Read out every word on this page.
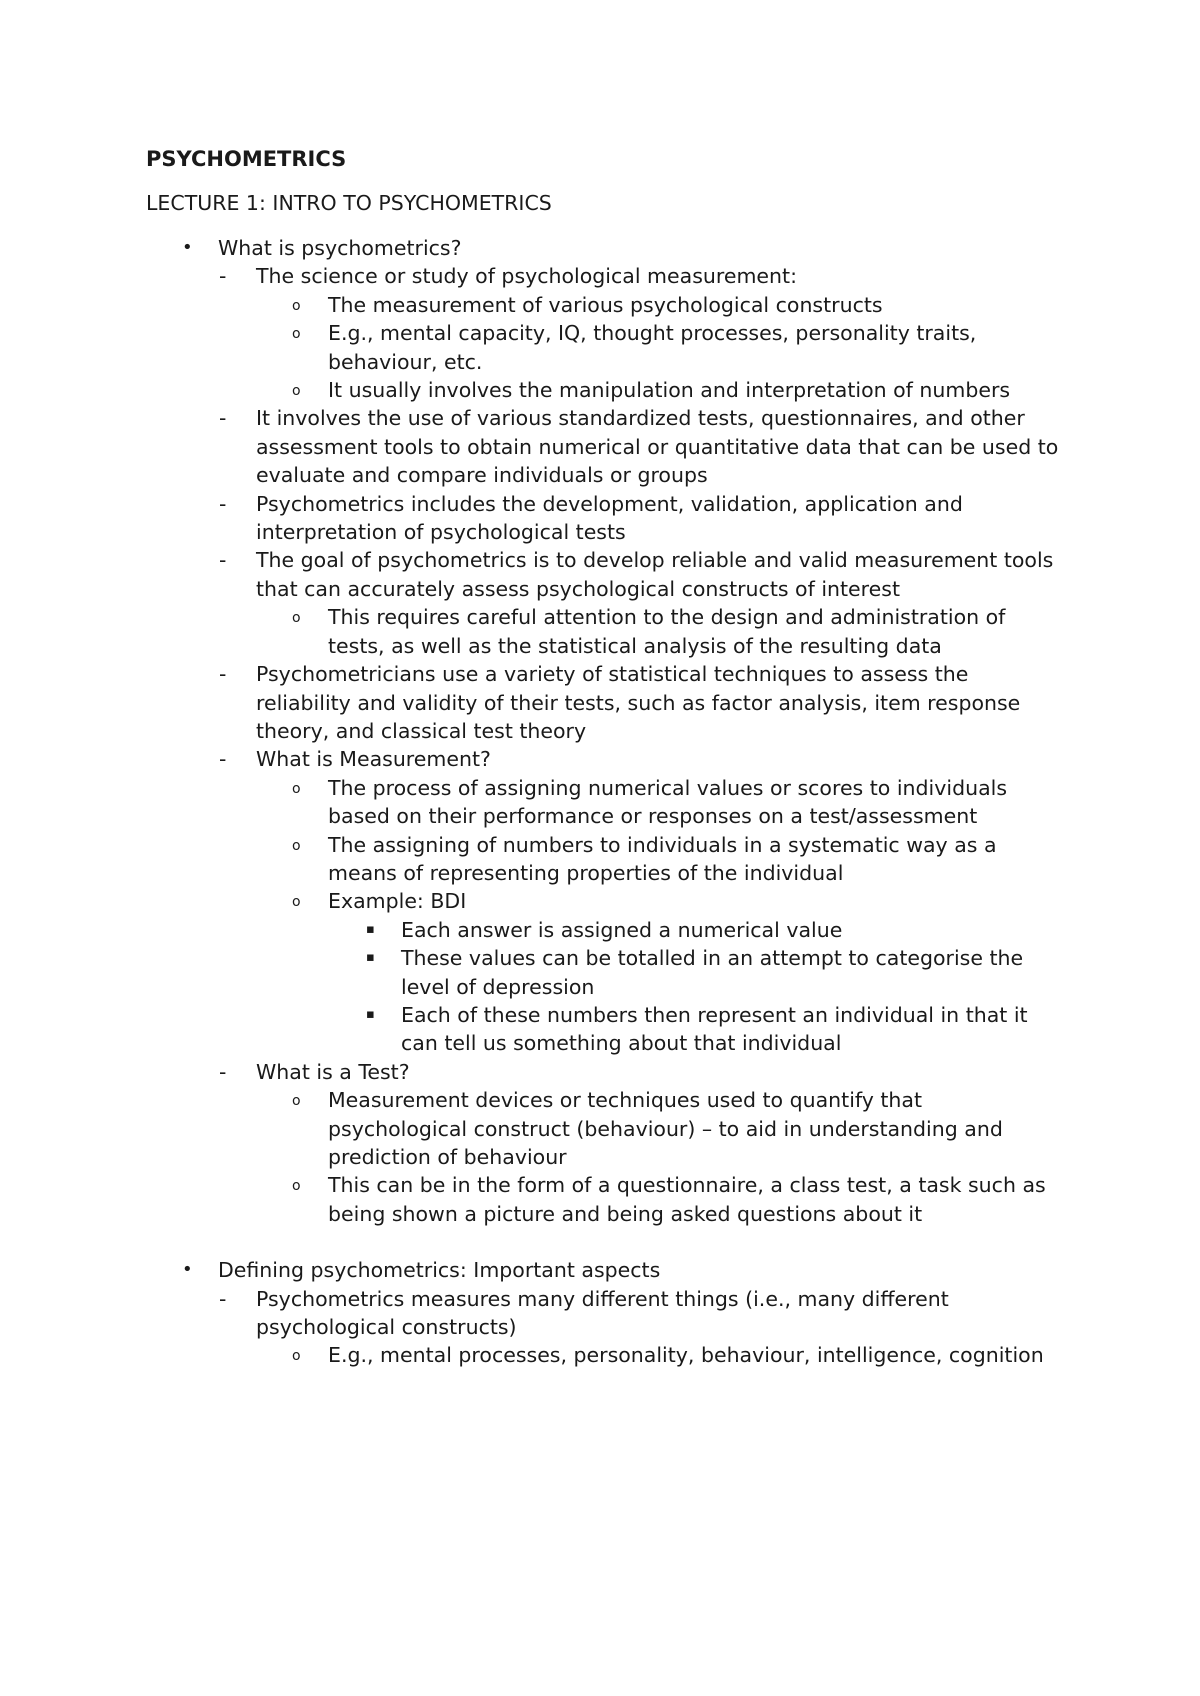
PSYCHOMETRICS

LECTURE 1: INTRO TO PSYCHOMETRICS

• What is psychometrics?
- The science or study of psychological measurement:
o The measurement of various psychological constructs
o E.g., mental capacity, IQ, thought processes, personality traits, behaviour, etc.
o It usually involves the manipulation and interpretation of numbers
- It involves the use of various standardized tests, questionnaires, and other assessment tools to obtain numerical or quantitative data that can be used to evaluate and compare individuals or groups
- Psychometrics includes the development, validation, application and interpretation of psychological tests
- The goal of psychometrics is to develop reliable and valid measurement tools that can accurately assess psychological constructs of interest
o This requires careful attention to the design and administration of tests, as well as the statistical analysis of the resulting data
- Psychometricians use a variety of statistical techniques to assess the reliability and validity of their tests, such as factor analysis, item response theory, and classical test theory
- What is Measurement?
o The process of assigning numerical values or scores to individuals based on their performance or responses on a test/assessment
o The assigning of numbers to individuals in a systematic way as a means of representing properties of the individual
o Example: BDI
▪ Each answer is assigned a numerical value
▪ These values can be totalled in an attempt to categorise the level of depression
▪ Each of these numbers then represent an individual in that it can tell us something about that individual
- What is a Test?
o Measurement devices or techniques used to quantify that psychological construct (behaviour) – to aid in understanding and prediction of behaviour
o This can be in the form of a questionnaire, a class test, a task such as being shown a picture and being asked questions about it
• Defining psychometrics: Important aspects
- Psychometrics measures many different things (i.e., many different psychological constructs)
o E.g., mental processes, personality, behaviour, intelligence, cognition
